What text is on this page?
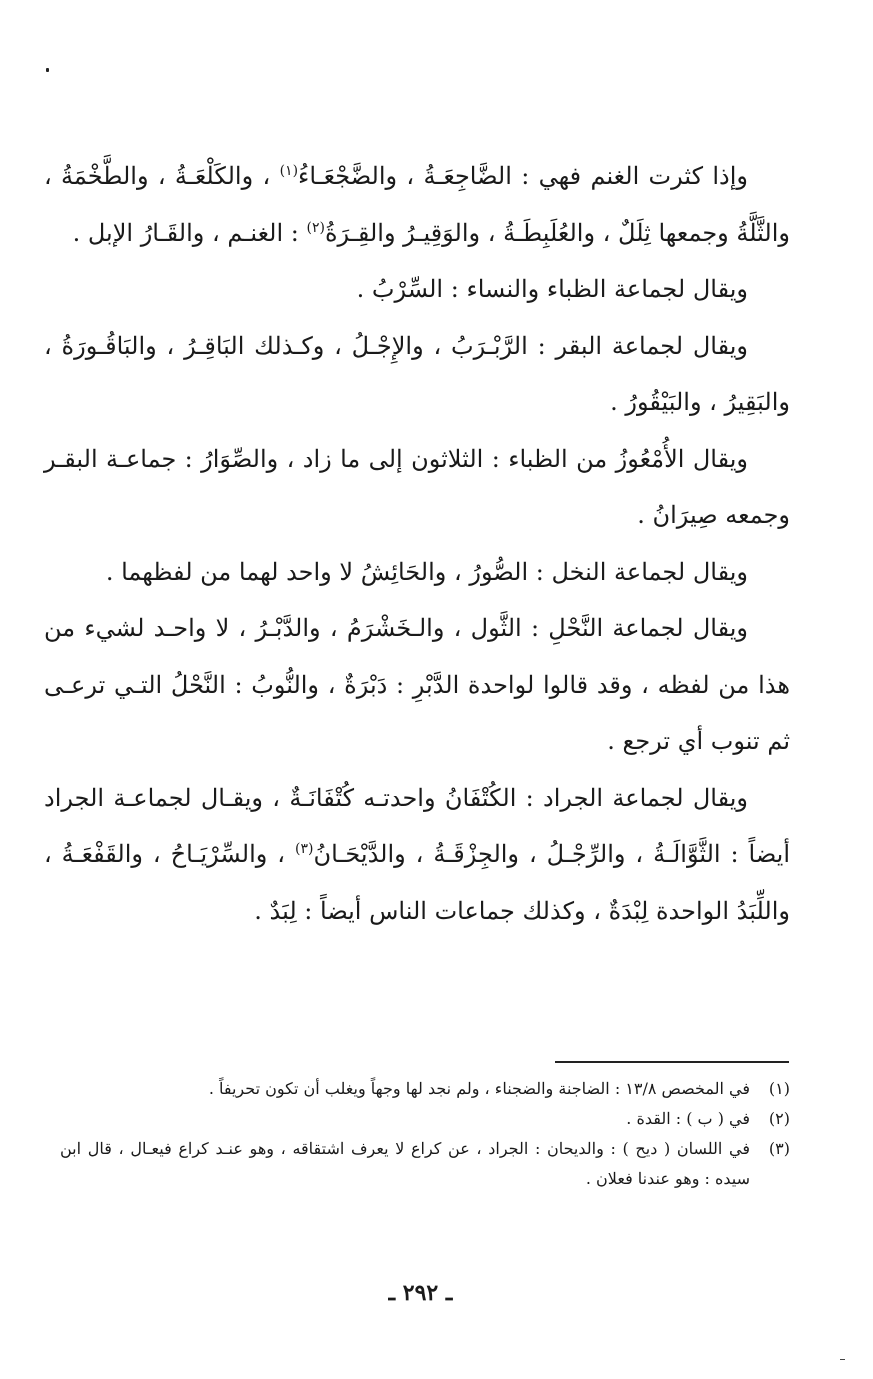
وإذا كثرت الغنم فهي : الضَّاجِعَـةُ ، والضَّجْعَـاءُ$^{(١)}$ ، والكَلْعَـةُ ، والطَّخْمَةُ ، والثَّلَّةُ وجمعها ثِلَلٌ ، والعُلَبِطَـةُ ، والوَقِيـرُ والقِـرَةُ$^{(٢)}$ : الغنـم ، والقَـارُ الإبل .

ويقال لجماعة الظباء والنساء : السِّرْبُ .

ويقال لجماعة البقر : الرَّبْـرَبُ ، والإِجْـلُ ، وكـذلك البَاقِـرُ ، والبَاقُـورَةُ ، والبَقِيرُ ، والبَيْقُورُ .

ويقال الأُمْعُوزُ من الظباء : الثلاثون إلى ما زاد ، والصِّوَارُ : جماعـة البقـر وجمعه صِيرَانُ .

ويقال لجماعة النخل : الصُّورُ ، والحَائِشُ لا واحد لهما من لفظهما .

ويقال لجماعة النَّحْلِ : الثَّول ، والـخَشْرَمُ ، والدَّبْـرُ ، لا واحـد لشيء من هذا من لفظه ، وقد قالوا لواحدة الدَّبْرِ : دَبْرَةٌ ، والنُّوبُ : النَّحْلُ التـي ترعـى ثم تنوب أي ترجع .

ويقال لجماعة الجراد : الكُتْفَانُ واحدتـه كُتْفَانَـةٌ ، ويقـال لجماعـة الجراد أيضاً : الثَّوَّالَـةُ ، والرِّجْـلُ ، والجِزْقَـةُ ، والدَّيْحَـانُ$^{(٣)}$ ، والسِّرْيَـاحُ ، والقَفْعَـةُ ، واللِّبَدُ الواحدة لِبْدَةٌ ، وكذلك جماعات الناس أيضاً : لِبَدٌ .

(١)
في المخصص ١٣/٨ : الضاجنة والضجناء ، ولم نجد لها وجهاً ويغلب أن تكون تحريفاً .
(٢)
في ( ب ) : القدة .
(٣)
في اللسان ( ديح ) : والديحان : الجراد ، عن كراع لا يعرف اشتقاقه ، وهو عنـد كراع فيعـال ، قال ابن سيده : وهو عندنا فعلان .
ـ ٢٩٢ ـ
